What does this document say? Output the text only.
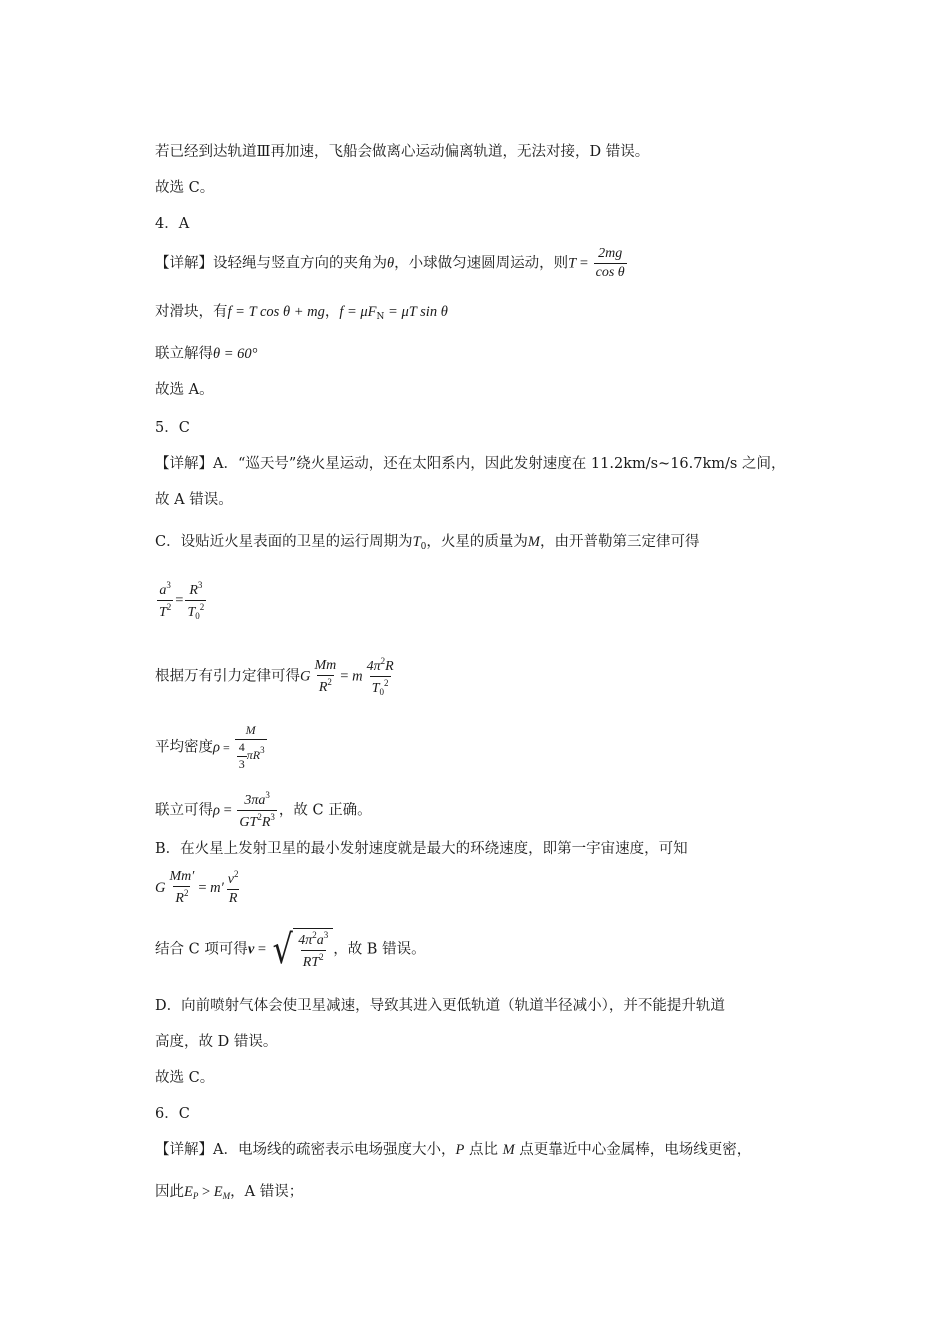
若已经到达轨道Ⅲ再加速，飞船会做离心运动偏离轨道，无法对接，D 错误。
故选 C。
4．A
【详解】设轻绳与竖直方向的夹角为θ，小球做匀速圆周运动，则$T = \frac{2mg}{\text{cos θ}}$
对滑块，有f = T cos θ + mg，$f = \mu F_N = \mu T$ sin θ
联立解得θ = 60°
故选 A。
5．C
【详解】A．“巡天号”绕火星运动，还在太阳系内，因此发射速度在 11.2km/s~16.7km/s 之间，
故 A 错误。
C．设贴近火星表面的卫星的运行周期为$T_0$，火星的质量为M，由开普勒第三定律可得
$\frac{a^3}{T^2} = \frac{R^3}{T_0^2}$
根据万有引力定律可得G $\frac{Mm}{R^2} = m \frac{4\pi^2R}{T_0^2}$
平均密度$\rho = \frac{M}{\frac{4}{3} \pi R^3}$
联立可得$\rho = \frac{3\pi a^3}{GT^2R^3}$ ，故 C 正确。
B．在火星上发射卫星的最小发射速度就是最大的环绕速度，即第一宇宙速度，可知
G $\frac{Mm'}{R^2} = m' \frac{v^2}{R}$
结合 C 项可得v = √ $\frac{4\pi^2a^3}{RT^2}$ ，故 B 错误。
D．向前喷射气体会使卫星减速，导致其进入更低轨道（轨道半径减小），并不能提升轨道
高度，故 D 错误。
故选 C。
6．C
【详解】A．电场线的疏密表示电场强度大小，P 点比 M 点更靠近中心金属棒，电场线更密，
因此$E_P > E_M$，A 错误；
